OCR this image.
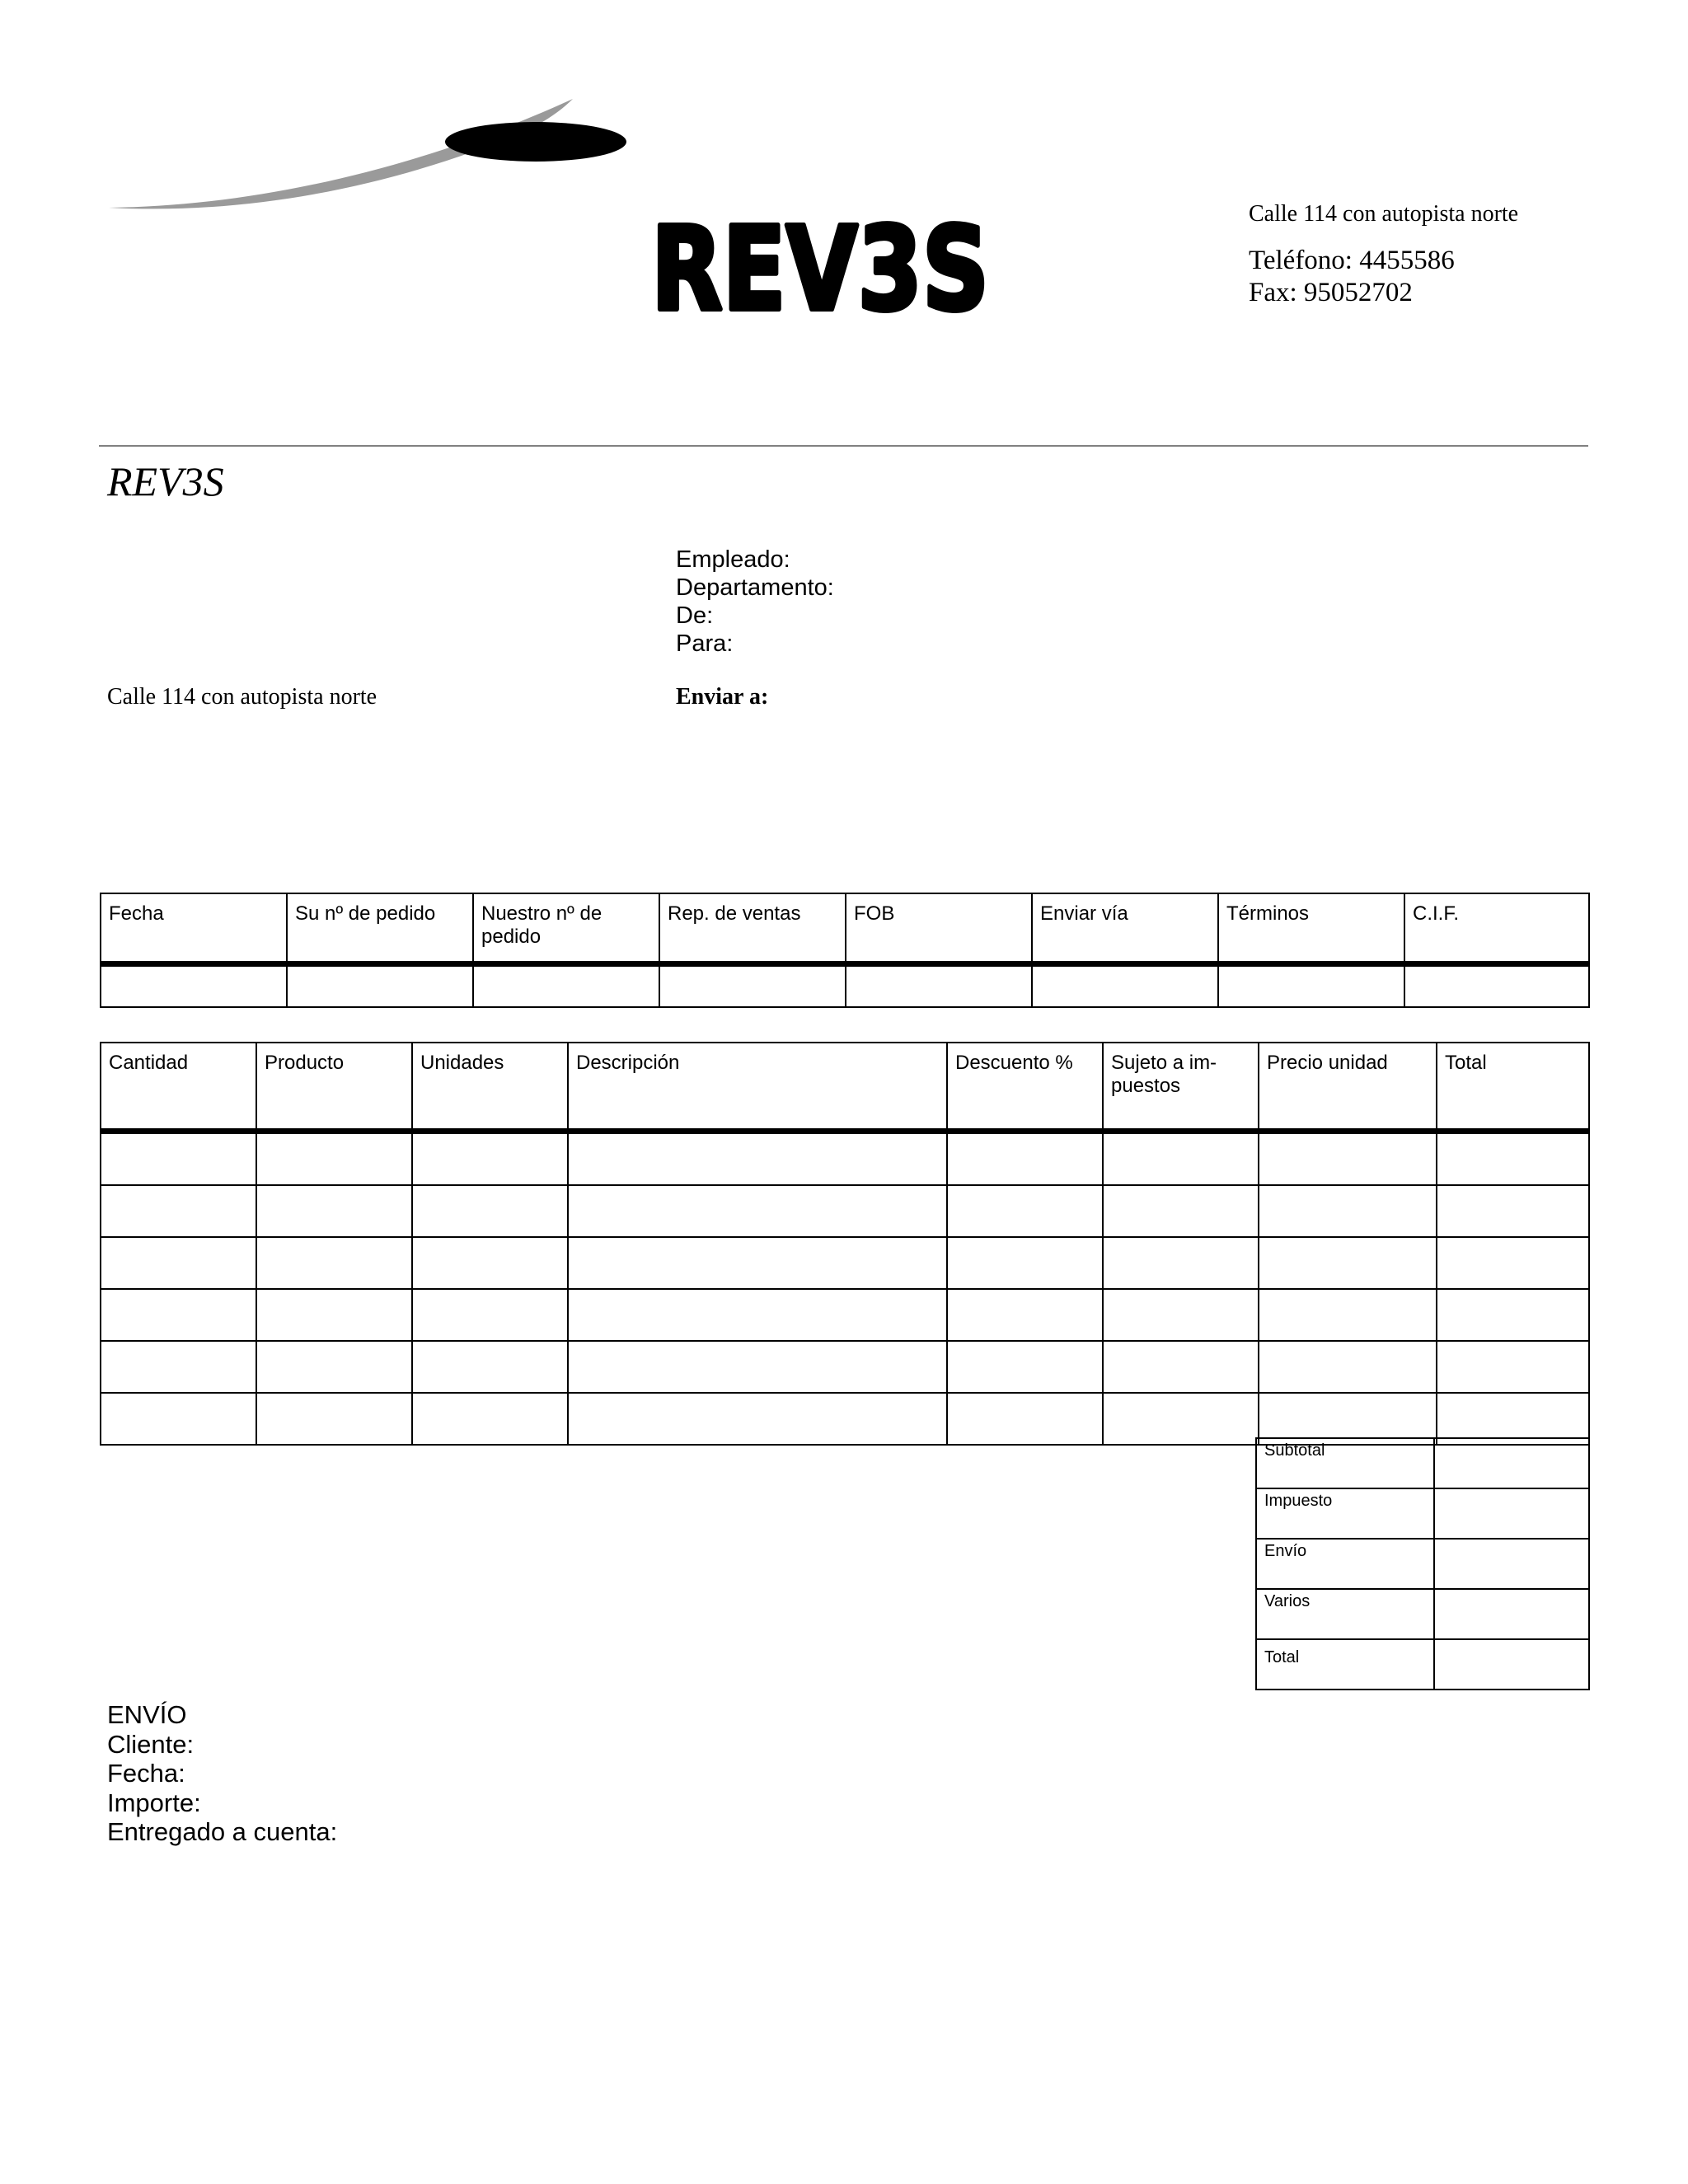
REV3S	Calle 114 con autopista norte
Teléfono: 4455586
Fax: 95052702
REV3S
Empleado:
Departamento:
De:
Para:
Calle 114 con autopista norte	Enviar a:
Fecha	Su nº de pedido	Nuestro nº de pedido	Rep. de ventas	FOB	Enviar vía	Términos	C.I.F.

Cantidad	Producto	Unidades	Descripción	Descuento %	Sujeto a im-puestos	Precio unidad	Total

Subtotal	
Impuesto	
Envío	
Varios	
Total	
ENVÍO
Cliente:
Fecha:
Importe:
Entregado a cuenta:
